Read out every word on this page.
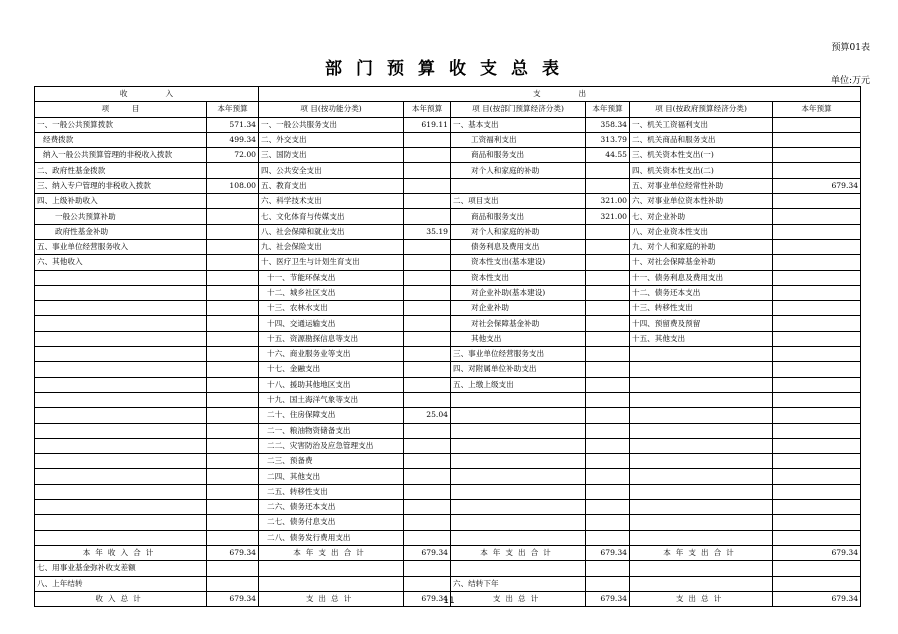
预算01表
部门预算收支总表
单位:万元
收　　　　　入		支　　　　　出					
项　　　目	本年预算	项 目(按功能分类)	本年预算	项 目(按部门预算经济分类)	本年预算	项 目(按政府预算经济分类)	本年预算
一、一般公共预算拨款	571.34	一、一般公共服务支出	619.11	一、基本支出	358.34	一、机关工资福利支出	
经费拨款	499.34	二、外交支出		工资福利支出	313.79	二、机关商品和服务支出	
纳入一般公共预算管理的非税收入拨款	72.00	三、国防支出		商品和服务支出	44.55	三、机关资本性支出(一)	
二、政府性基金拨款		四、公共安全支出		对个人和家庭的补助		四、机关资本性支出(二)	
三、纳入专户管理的非税收入拨款	108.00	五、教育支出				五、对事业单位经常性补助	679.34
四、上级补助收入		六、科学技术支出		二、项目支出	321.00	六、对事业单位资本性补助	
一般公共预算补助		七、文化体育与传媒支出		商品和服务支出	321.00	七、对企业补助	
政府性基金补助		八、社会保障和就业支出	35.19	对个人和家庭的补助		八、对企业资本性支出	
五、事业单位经营服务收入		九、社会保险支出		债务利息及费用支出		九、对个人和家庭的补助	
六、其他收入		十、医疗卫生与计划生育支出		资本性支出(基本建设)		十、对社会保障基金补助	
		十一、节能环保支出		资本性支出		十一、债务利息及费用支出	
		十二、城乡社区支出		对企业补助(基本建设)		十二、债务还本支出	
		十三、农林水支出		对企业补助		十三、转移性支出	
		十四、交通运输支出		对社会保障基金补助		十四、预留费及预留	
		十五、资源勘探信息等支出		其他支出		十五、其他支出	
		十六、商业服务业等支出		三、事业单位经营服务支出			
		十七、金融支出		四、对附属单位补助支出			
		十八、援助其他地区支出		五、上缴上级支出			
		十九、国土海洋气象等支出					
		二十、住房保障支出	25.04				
		二一、粮油物资储备支出					
		二二、灾害防治及应急管理支出					
		二三、预备费					
		二四、其他支出					
		二五、转移性支出					
		二六、债务还本支出					
		二七、债务付息支出					
		二八、债务发行费用支出					
本年收入合计	679.34	本年支出合计	679.34	本年支出合计	679.34	本年支出合计	679.34
七、用事业基金弥补收支差额							
八、上年结转				六、结转下年			
收入总计	679.34	支出总计	679.34	支出总计	679.34	支出总计	679.34
11
